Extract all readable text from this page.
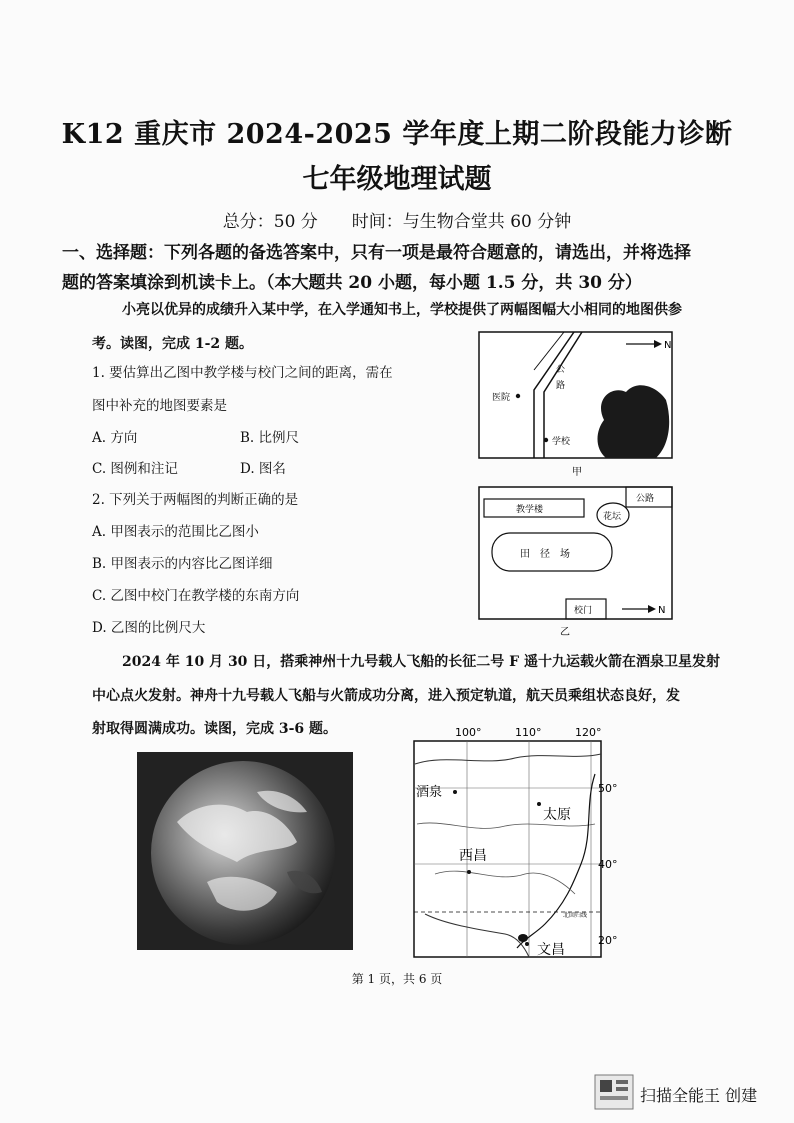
K12 重庆市 2024-2025 学年度上期二阶段能力诊断
七年级地理试题
总分：50 分　　时间：与生物合堂共 60 分钟
一、选择题：下列各题的备选答案中，只有一项是最符合题意的，请选出，并将选择
题的答案填涂到机读卡上。（本大题共 20 小题，每小题 1.5 分，共 30 分）
小亮以优异的成绩升入某中学，在入学通知书上，学校提供了两幅图幅大小相同的地图供参
考。读图，完成 1-2 题。
1. 要估算出乙图中教学楼与校门之间的距离，需在
图中补充的地图要素是
A. 方向	B. 比例尺
C. 图例和注记	D. 图名
2. 下列关于两幅图的判断正确的是
A. 甲图表示的范围比乙图小
B. 甲图表示的内容比乙图详细
C. 乙图中校门在教学楼的东南方向
D. 乙图的比例尺大
N
公
路
医院
学校
甲
公路
教学楼
花坛
田　径　场
校门	N
乙
2024 年 10 月 30 日，搭乘神州十九号载人飞船的长征二号 F 遥十九运载火箭在酒泉卫星发射
中心点火发射。神舟十九号载人飞船与火箭成功分离，进入预定轨道，航天员乘组状态良好，发
射取得圆满成功。读图，完成 3-6 题。	100°	110°	120°
50°
40°
20°
北回归线
酒泉
太原
西昌
文昌
第 1 页，共 6 页
扫描全能王 创建
